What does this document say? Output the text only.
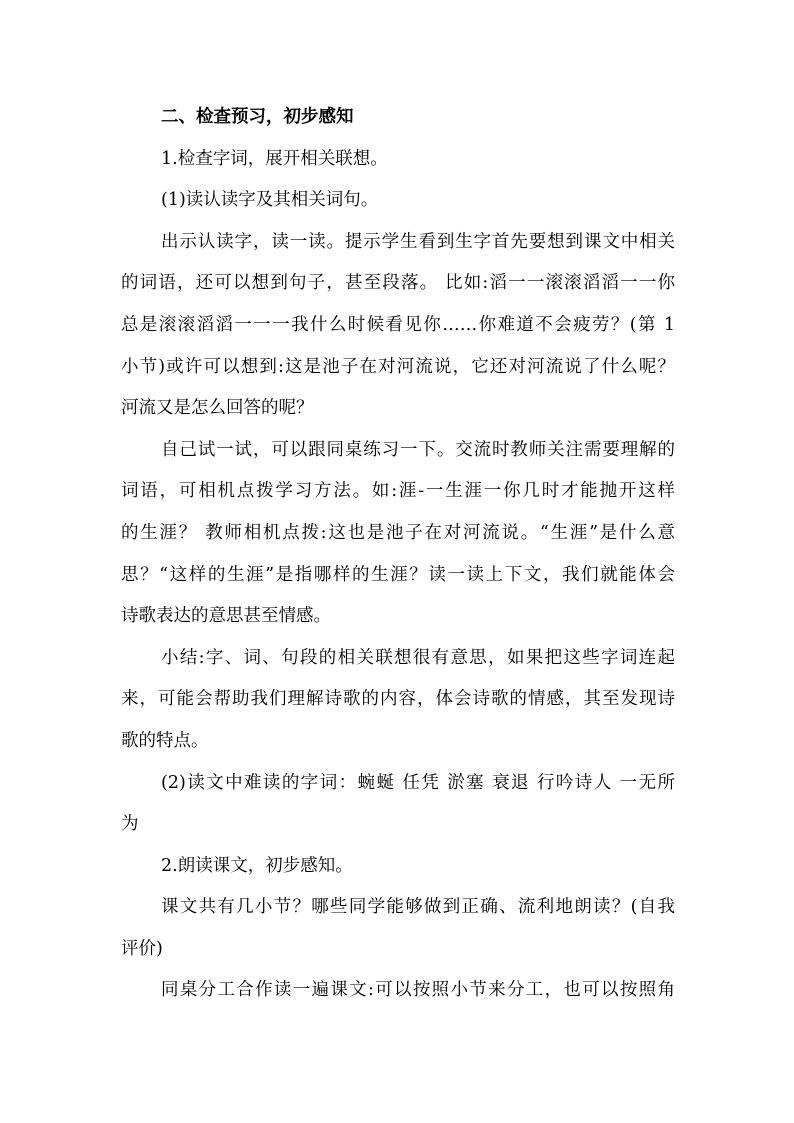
二、检查预习，初步感知
1.检查字词，展开相关联想。
(1)读认读字及其相关词句。
出示认读字，读一读。提示学生看到生字首先要想到课文中相关
的词语，还可以想到句子，甚至段落。 比如:滔一一滚滚滔滔一一你
总是滚滚滔滔一一一我什么时候看见你……你难道不会疲劳？(第 1
小节)或许可以想到:这是池子在对河流说，它还对河流说了什么呢？
河流又是怎么回答的呢？
自己试一试，可以跟同桌练习一下。交流时教师关注需要理解的
词语，可相机点拨学习方法。如:涯-一生涯一你几时才能抛开这样
的生涯？ 教师相机点拨:这也是池子在对河流说。“生涯”是什么意
思？“这样的生涯”是指哪样的生涯？读一读上下文，我们就能体会
诗歌表达的意思甚至情感。
小结:字、词、句段的相关联想很有意思，如果把这些字词连起
来，可能会帮助我们理解诗歌的内容，体会诗歌的情感，其至发现诗
歌的特点。
(2)读文中难读的字词：蜿蜒 任凭 淤塞 衰退 行吟诗人 一无所
为
2.朗读课文，初步感知。
课文共有几小节？哪些同学能够做到正确、流利地朗读？(自我
评价)
同桌分工合作读一遍课文:可以按照小节来分工，也可以按照角
